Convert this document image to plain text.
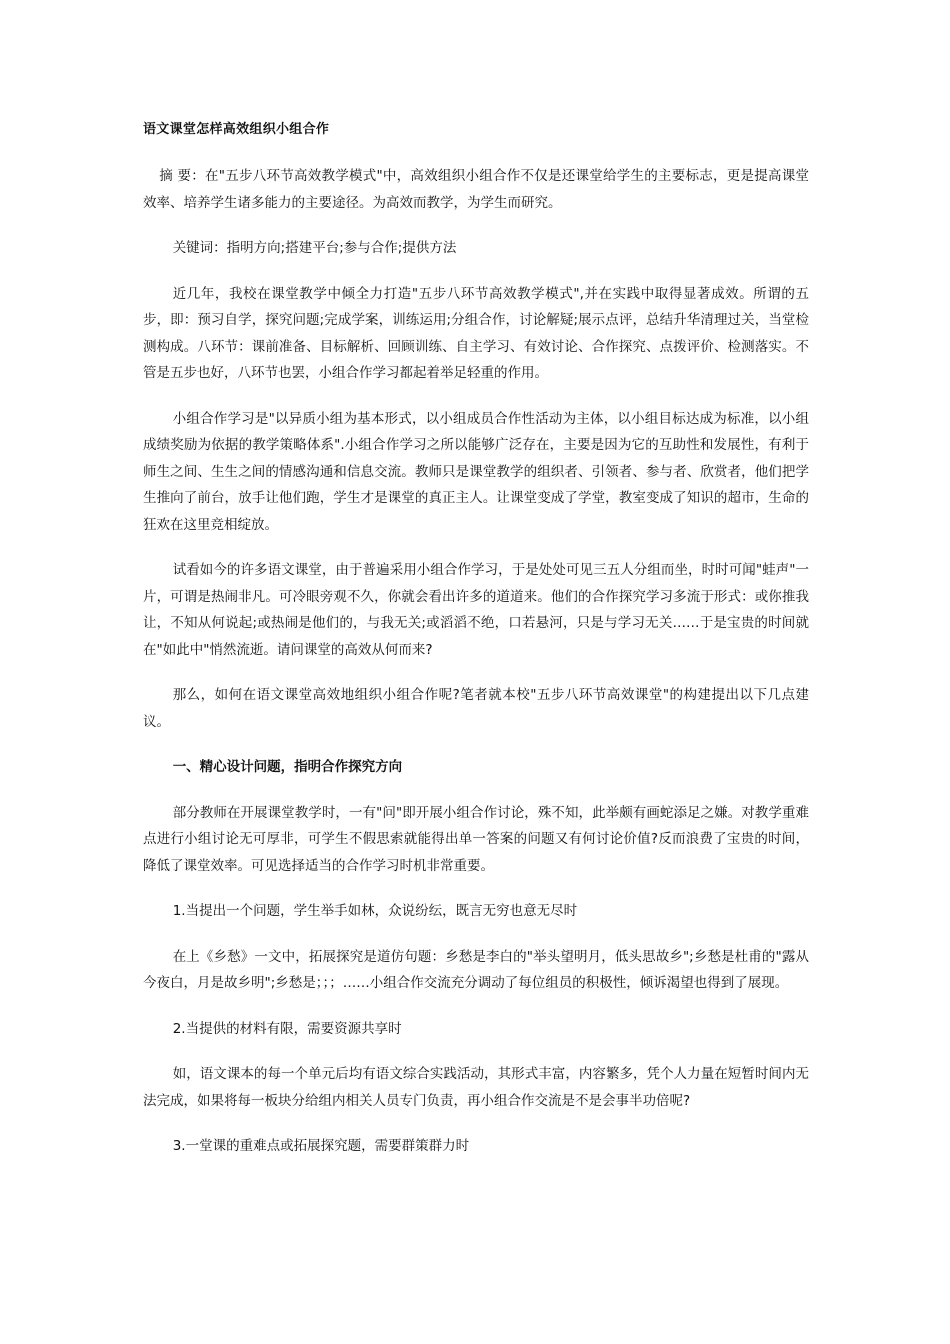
语文课堂怎样高效组织小组合作

摘 要：在"五步八环节高效教学模式"中，高效组织小组合作不仅是还课堂给学生的主要标志，更是提高课堂效率、培养学生诸多能力的主要途径。为高效而教学，为学生而研究。

关键词：指明方向;搭建平台;参与合作;提供方法

近几年，我校在课堂教学中倾全力打造"五步八环节高效教学模式",并在实践中取得显著成效。所谓的五步，即：预习自学，探究问题;完成学案，训练运用;分组合作，讨论解疑;展示点评，总结升华清理过关，当堂检测构成。八环节：课前准备、目标解析、回顾训练、自主学习、有效讨论、合作探究、点拨评价、检测落实。不管是五步也好，八环节也罢，小组合作学习都起着举足轻重的作用。

小组合作学习是"以异质小组为基本形式，以小组成员合作性活动为主体，以小组目标达成为标准，以小组成绩奖励为依据的教学策略体系".小组合作学习之所以能够广泛存在，主要是因为它的互助性和发展性，有利于师生之间、生生之间的情感沟通和信息交流。教师只是课堂教学的组织者、引领者、参与者、欣赏者，他们把学生推向了前台，放手让他们跑，学生才是课堂的真正主人。让课堂变成了学堂，教室变成了知识的超市，生命的狂欢在这里竞相绽放。

试看如今的许多语文课堂，由于普遍采用小组合作学习，于是处处可见三五人分组而坐，时时可闻"蛙声"一片，可谓是热闹非凡。可冷眼旁观不久，你就会看出许多的道道来。他们的合作探究学习多流于形式：或你推我让，不知从何说起;或热闹是他们的，与我无关;或滔滔不绝，口若悬河，只是与学习无关……于是宝贵的时间就在"如此中"悄然流逝。请问课堂的高效从何而来?

那么，如何在语文课堂高效地组织小组合作呢?笔者就本校"五步八环节高效课堂"的构建提出以下几点建议。

一、精心设计问题，指明合作探究方向

部分教师在开展课堂教学时，一有"问"即开展小组合作讨论，殊不知，此举颇有画蛇添足之嫌。对教学重难点进行小组讨论无可厚非，可学生不假思索就能得出单一答案的问题又有何讨论价值?反而浪费了宝贵的时间，降低了课堂效率。可见选择适当的合作学习时机非常重要。

1.当提出一个问题，学生举手如林，众说纷纭，既言无穷也意无尽时

在上《乡愁》一文中，拓展探究是道仿句题：乡愁是李白的"举头望明月，低头思故乡";乡愁是杜甫的"露从今夜白，月是故乡明";乡愁是；；；……小组合作交流充分调动了每位组员的积极性，倾诉渴望也得到了展现。

2.当提供的材料有限，需要资源共享时

如，语文课本的每一个单元后均有语文综合实践活动，其形式丰富，内容繁多，凭个人力量在短暂时间内无法完成，如果将每一板块分给组内相关人员专门负责，再小组合作交流是不是会事半功倍呢?

3.一堂课的重难点或拓展探究题，需要群策群力时
